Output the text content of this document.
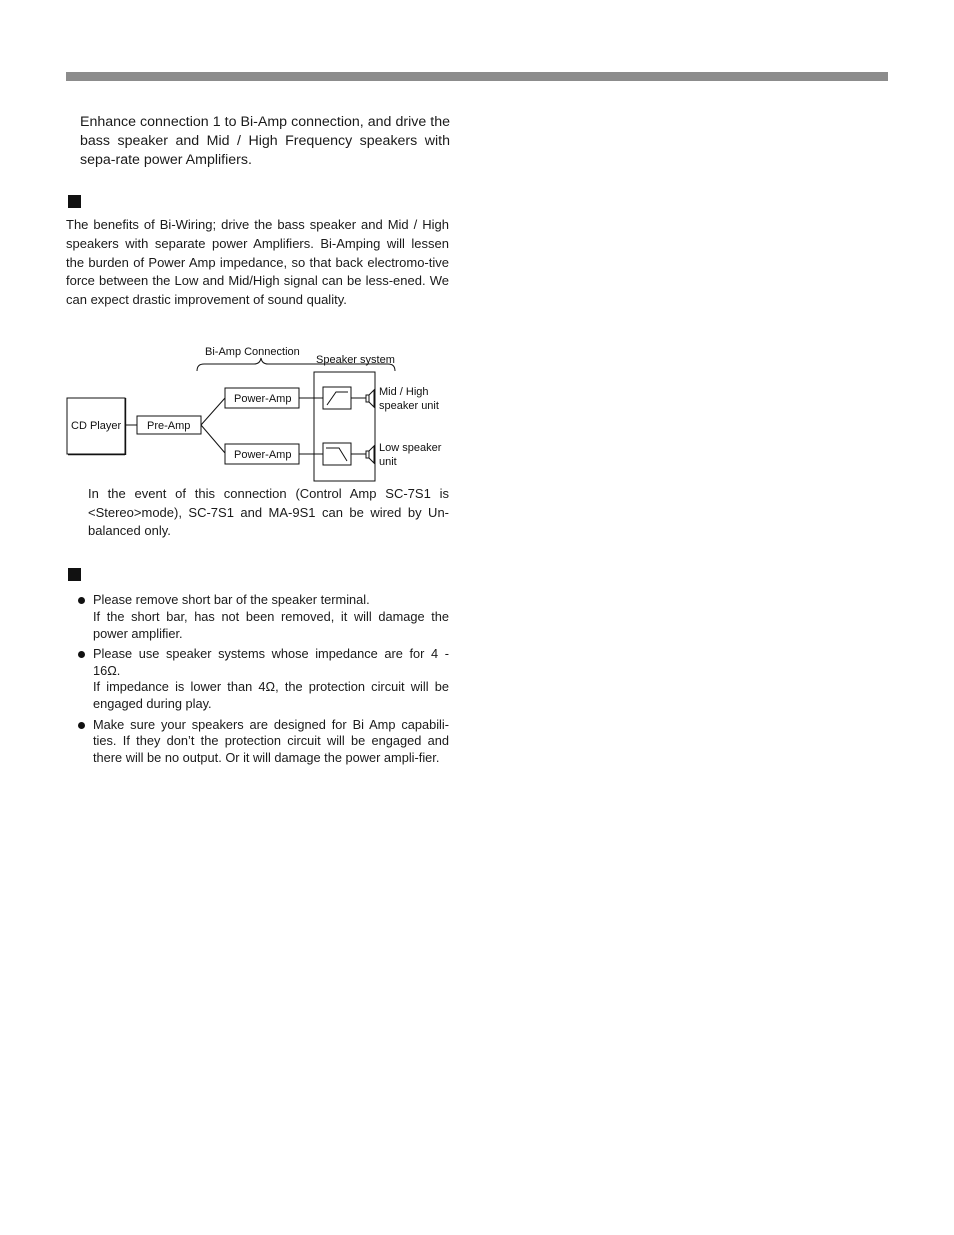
Enhance connection 1 to Bi-Amp connection, and drive the bass speaker and Mid / High Frequency speakers with sepa-rate power Amplifiers.

The benefits of Bi-Wiring; drive the bass speaker and Mid / High speakers with separate power Amplifiers. Bi-Amping will lessen the burden of Power Amp impedance, so that back electromo-tive force between the Low and Mid/High signal can be less-ened. We can expect drastic improvement of sound quality.

Bi-Amp Connection
Speaker system
CD Player Pre-Amp
Power-Amp
Power-Amp
Mid / High
speaker unit
Low speaker
unit

In the event of this connection (Control Amp SC-7S1 is <Stereo>mode), SC-7S1 and MA-9S1 can be wired by Un-balanced only.

Please remove short bar of the speaker terminal.
If the short bar, has not been removed, it will damage the power amplifier.
Please use speaker systems whose impedance are for 4 - 16Ω.
If impedance is lower than 4Ω, the protection circuit will be engaged during play.
Make sure your speakers are designed for Bi Amp capabili-ties. If they don’t the protection circuit will be engaged and there will be no output. Or it will damage the power ampli-fier.
